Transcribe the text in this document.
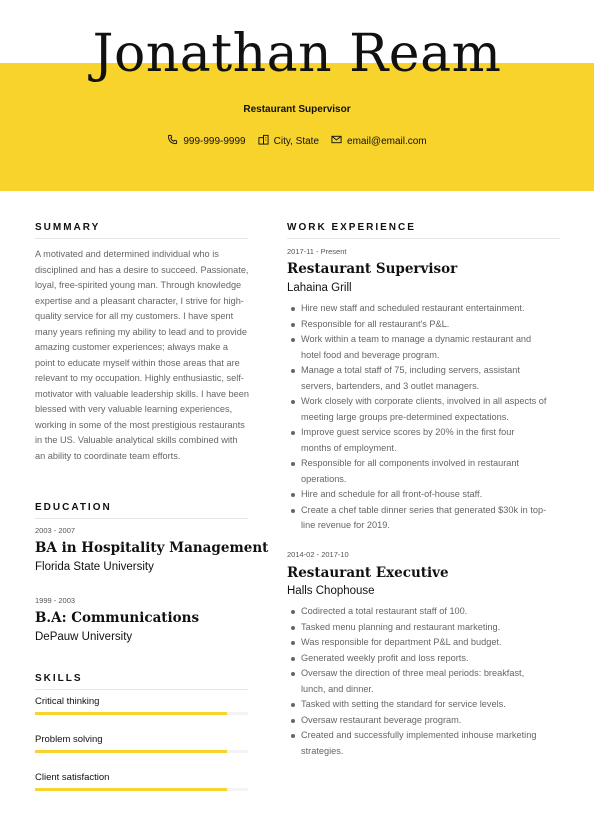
Jonathan Ream
Restaurant Supervisor
999-999-9999	City, State	email@email.com
SUMMARY
A motivated and determined individual who is disciplined and has a desire to succeed. Passionate, loyal, free-spirited young man. Through knowledge expertise and a pleasant character, I strive for high-quality service for all my customers. I have spent many years refining my ability to lead and to provide amazing customer experiences; always make a point to educate myself within those areas that are relevant to my occupation. Highly enthusiastic, self-motivator with valuable leadership skills. I have been blessed with very valuable learning experiences, working in some of the most prestigious restaurants in the US. Valuable analytical skills combined with an ability to coordinate team efforts.
EDUCATION
2003 - 2007
BA in Hospitality Management
Florida State University
1999 - 2003
B.A: Communications
DePauw University
SKILLS
Critical thinking
Problem solving
Client satisfaction
WORK EXPERIENCE
2017-11 - Present
Restaurant Supervisor
Lahaina Grill
Hire new staff and scheduled restaurant entertainment.
Responsible for all restaurant's P&L.
Work within a team to manage a dynamic restaurant and hotel food and beverage program.
Manage a total staff of 75, including servers, assistant servers, bartenders, and 3 outlet managers.
Work closely with corporate clients, involved in all aspects of meeting large groups pre-determined expectations.
Improve guest service scores by 20% in the first four months of employment.
Responsible for all components involved in restaurant operations.
Hire and schedule for all front-of-house staff.
Create a chef table dinner series that generated $30k in top-line revenue for 2019.
2014-02 - 2017-10
Restaurant Executive
Halls Chophouse
Codirected a total restaurant staff of 100.
Tasked menu planning and restaurant marketing.
Was responsible for department P&L and budget.
Generated weekly profit and loss reports.
Oversaw the direction of three meal periods: breakfast, lunch, and dinner.
Tasked with setting the standard for service levels.
Oversaw restaurant beverage program.
Created and successfully implemented inhouse marketing strategies.
